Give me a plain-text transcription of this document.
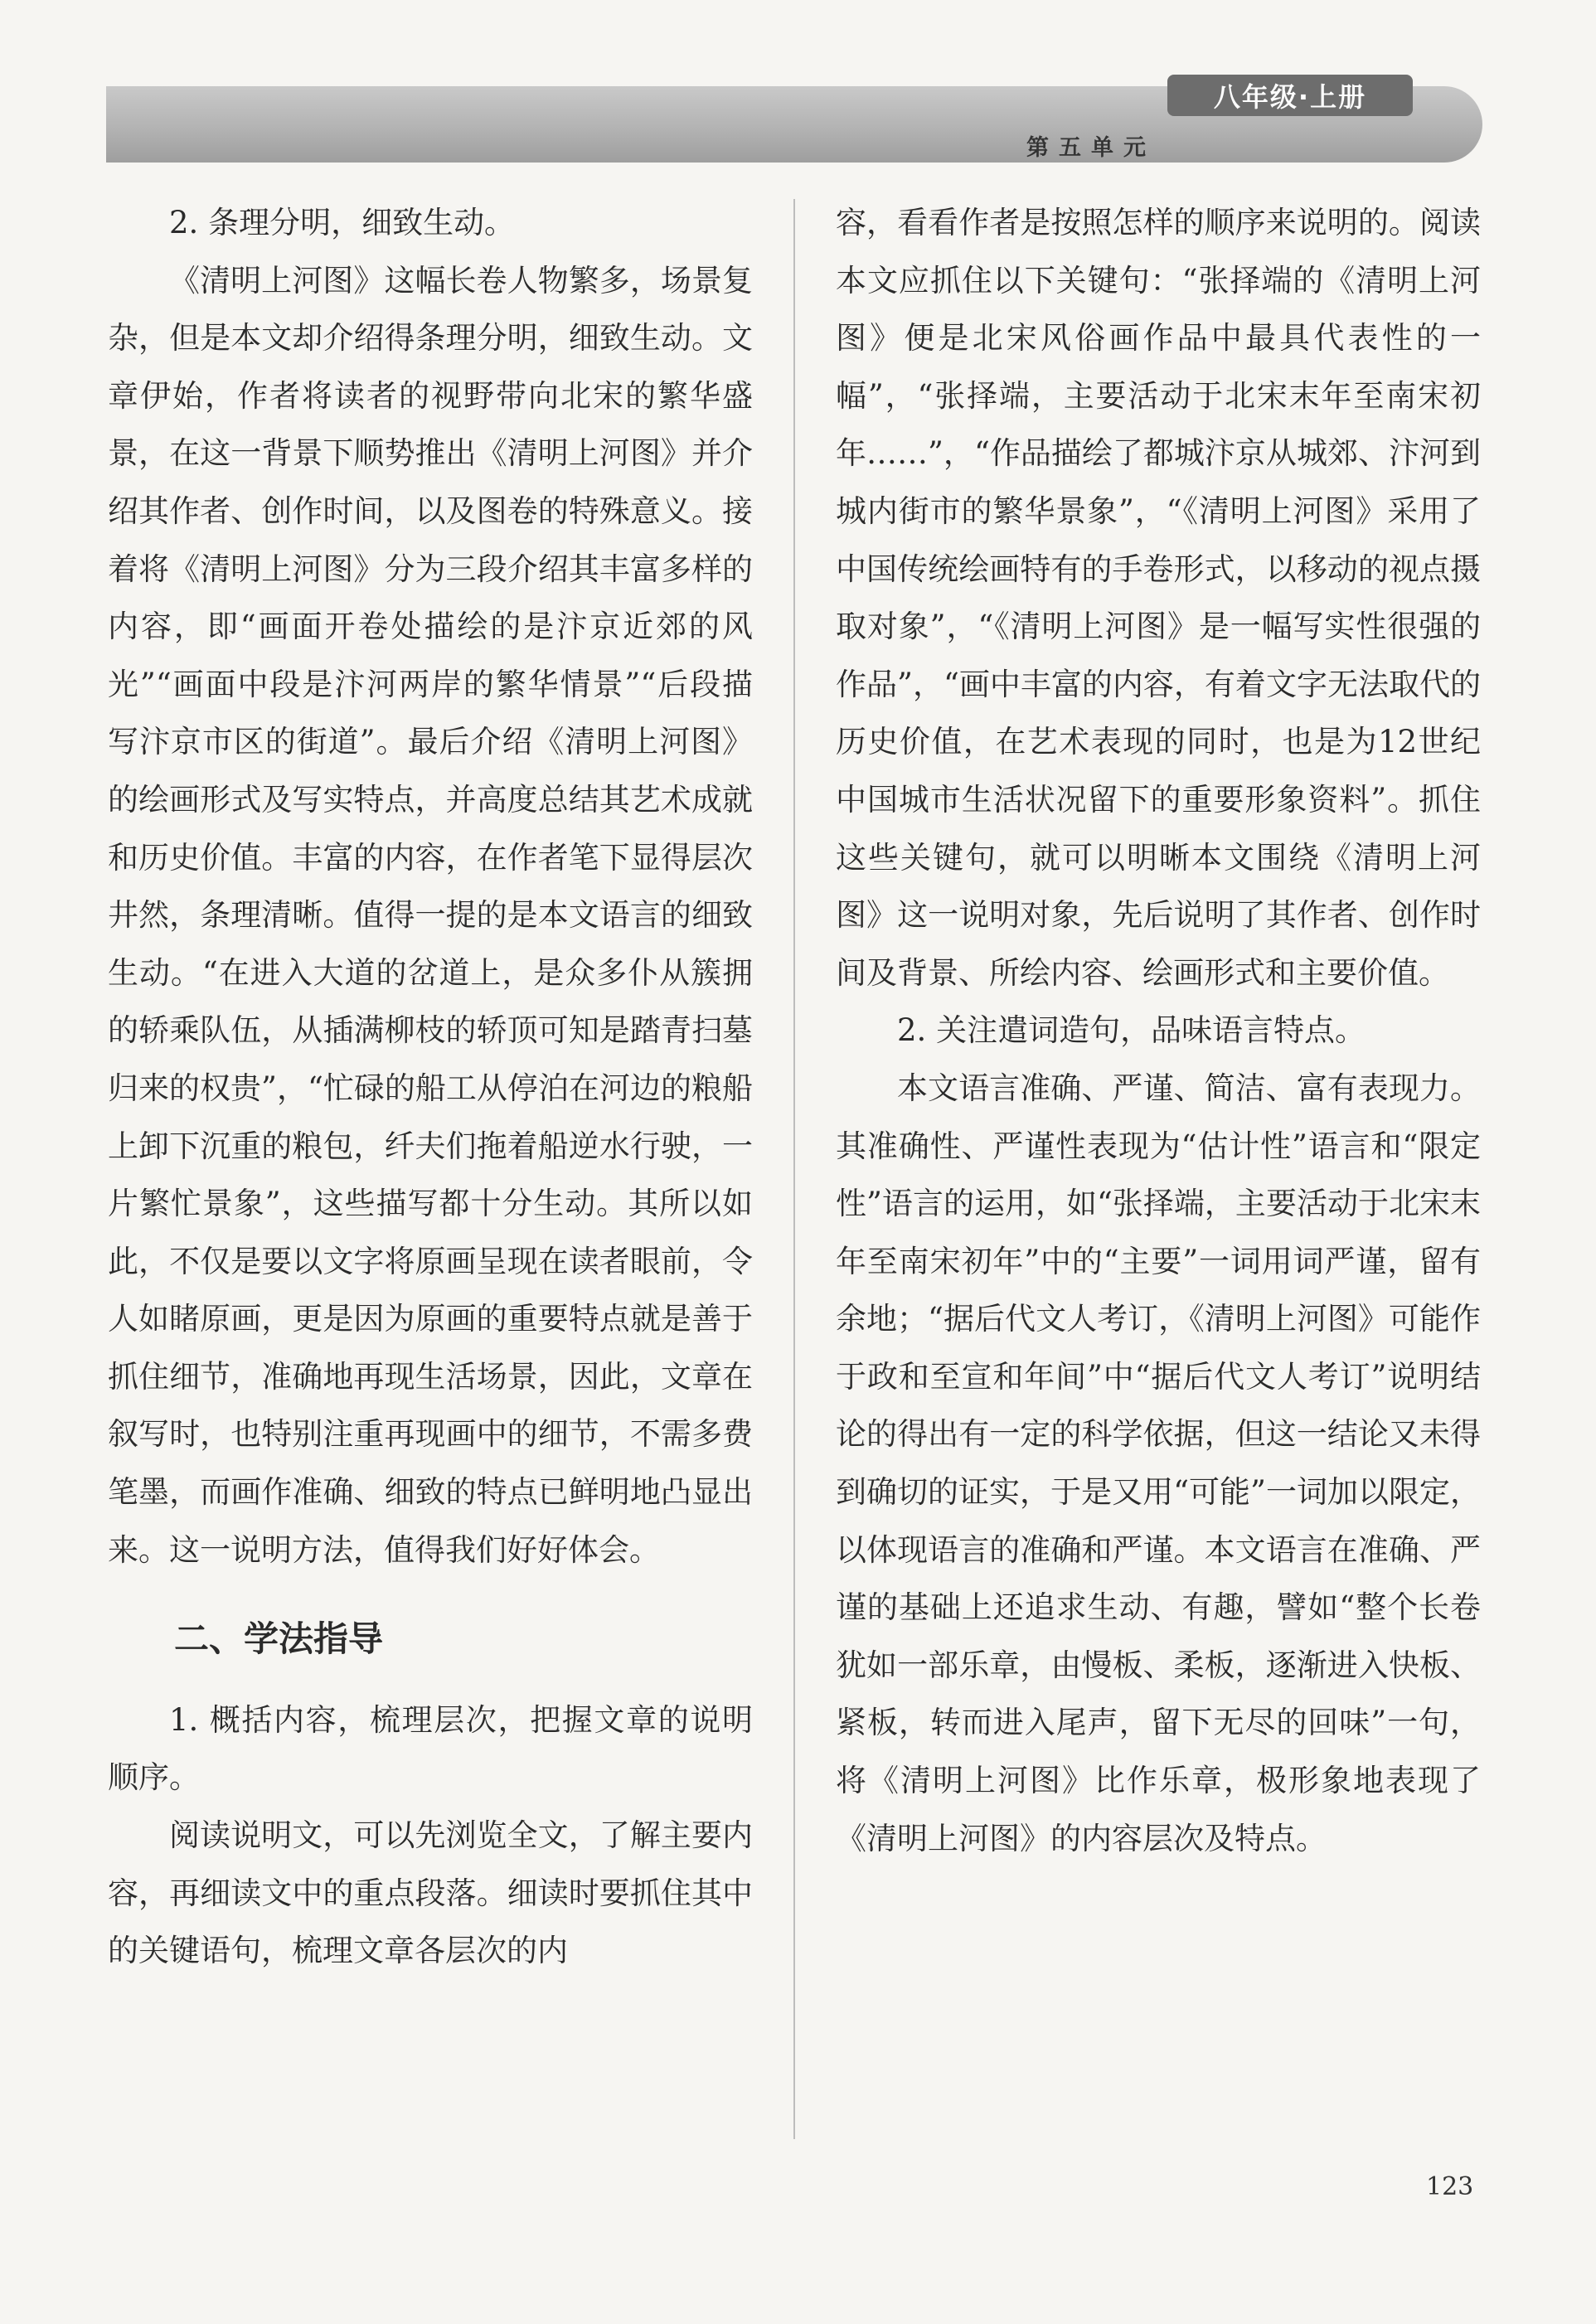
八年级·上册
第五单元

2. 条理分明，细致生动。

《清明上河图》这幅长卷人物繁多，场景复杂，但是本文却介绍得条理分明，细致生动。文章伊始，作者将读者的视野带向北宋的繁华盛景，在这一背景下顺势推出《清明上河图》并介绍其作者、创作时间，以及图卷的特殊意义。接着将《清明上河图》分为三段介绍其丰富多样的内容，即“画面开卷处描绘的是汴京近郊的风光”“画面中段是汴河两岸的繁华情景”“后段描写汴京市区的街道”。最后介绍《清明上河图》的绘画形式及写实特点，并高度总结其艺术成就和历史价值。丰富的内容，在作者笔下显得层次井然，条理清晰。值得一提的是本文语言的细致生动。“在进入大道的岔道上，是众多仆从簇拥的轿乘队伍，从插满柳枝的轿顶可知是踏青扫墓归来的权贵”，“忙碌的船工从停泊在河边的粮船上卸下沉重的粮包，纤夫们拖着船逆水行驶，一片繁忙景象”，这些描写都十分生动。其所以如此，不仅是要以文字将原画呈现在读者眼前，令人如睹原画，更是因为原画的重要特点就是善于抓住细节，准确地再现生活场景，因此，文章在叙写时，也特别注重再现画中的细节，不需多费笔墨，而画作准确、细致的特点已鲜明地凸显出来。这一说明方法，值得我们好好体会。

二、学法指导

1. 概括内容，梳理层次，把握文章的说明顺序。

阅读说明文，可以先浏览全文，了解主要内容，再细读文中的重点段落。细读时要抓住其中的关键语句，梳理文章各层次的内

容，看看作者是按照怎样的顺序来说明的。阅读本文应抓住以下关键句：“张择端的《清明上河图》便是北宋风俗画作品中最具代表性的一幅”，“张择端，主要活动于北宋末年至南宋初年……”，“作品描绘了都城汴京从城郊、汴河到城内街市的繁华景象”，“《清明上河图》采用了中国传统绘画特有的手卷形式，以移动的视点摄取对象”，“《清明上河图》是一幅写实性很强的作品”，“画中丰富的内容，有着文字无法取代的历史价值，在艺术表现的同时，也是为12世纪中国城市生活状况留下的重要形象资料”。抓住这些关键句，就可以明晰本文围绕《清明上河图》这一说明对象，先后说明了其作者、创作时间及背景、所绘内容、绘画形式和主要价值。

2. 关注遣词造句，品味语言特点。

本文语言准确、严谨、简洁、富有表现力。其准确性、严谨性表现为“估计性”语言和“限定性”语言的运用，如“张择端，主要活动于北宋末年至南宋初年”中的“主要”一词用词严谨，留有余地；“据后代文人考订，《清明上河图》可能作于政和至宣和年间”中“据后代文人考订”说明结论的得出有一定的科学依据，但这一结论又未得到确切的证实，于是又用“可能”一词加以限定，以体现语言的准确和严谨。本文语言在准确、严谨的基础上还追求生动、有趣，譬如“整个长卷犹如一部乐章，由慢板、柔板，逐渐进入快板、紧板，转而进入尾声，留下无尽的回味”一句，将《清明上河图》比作乐章，极形象地表现了《清明上河图》的内容层次及特点。

123
